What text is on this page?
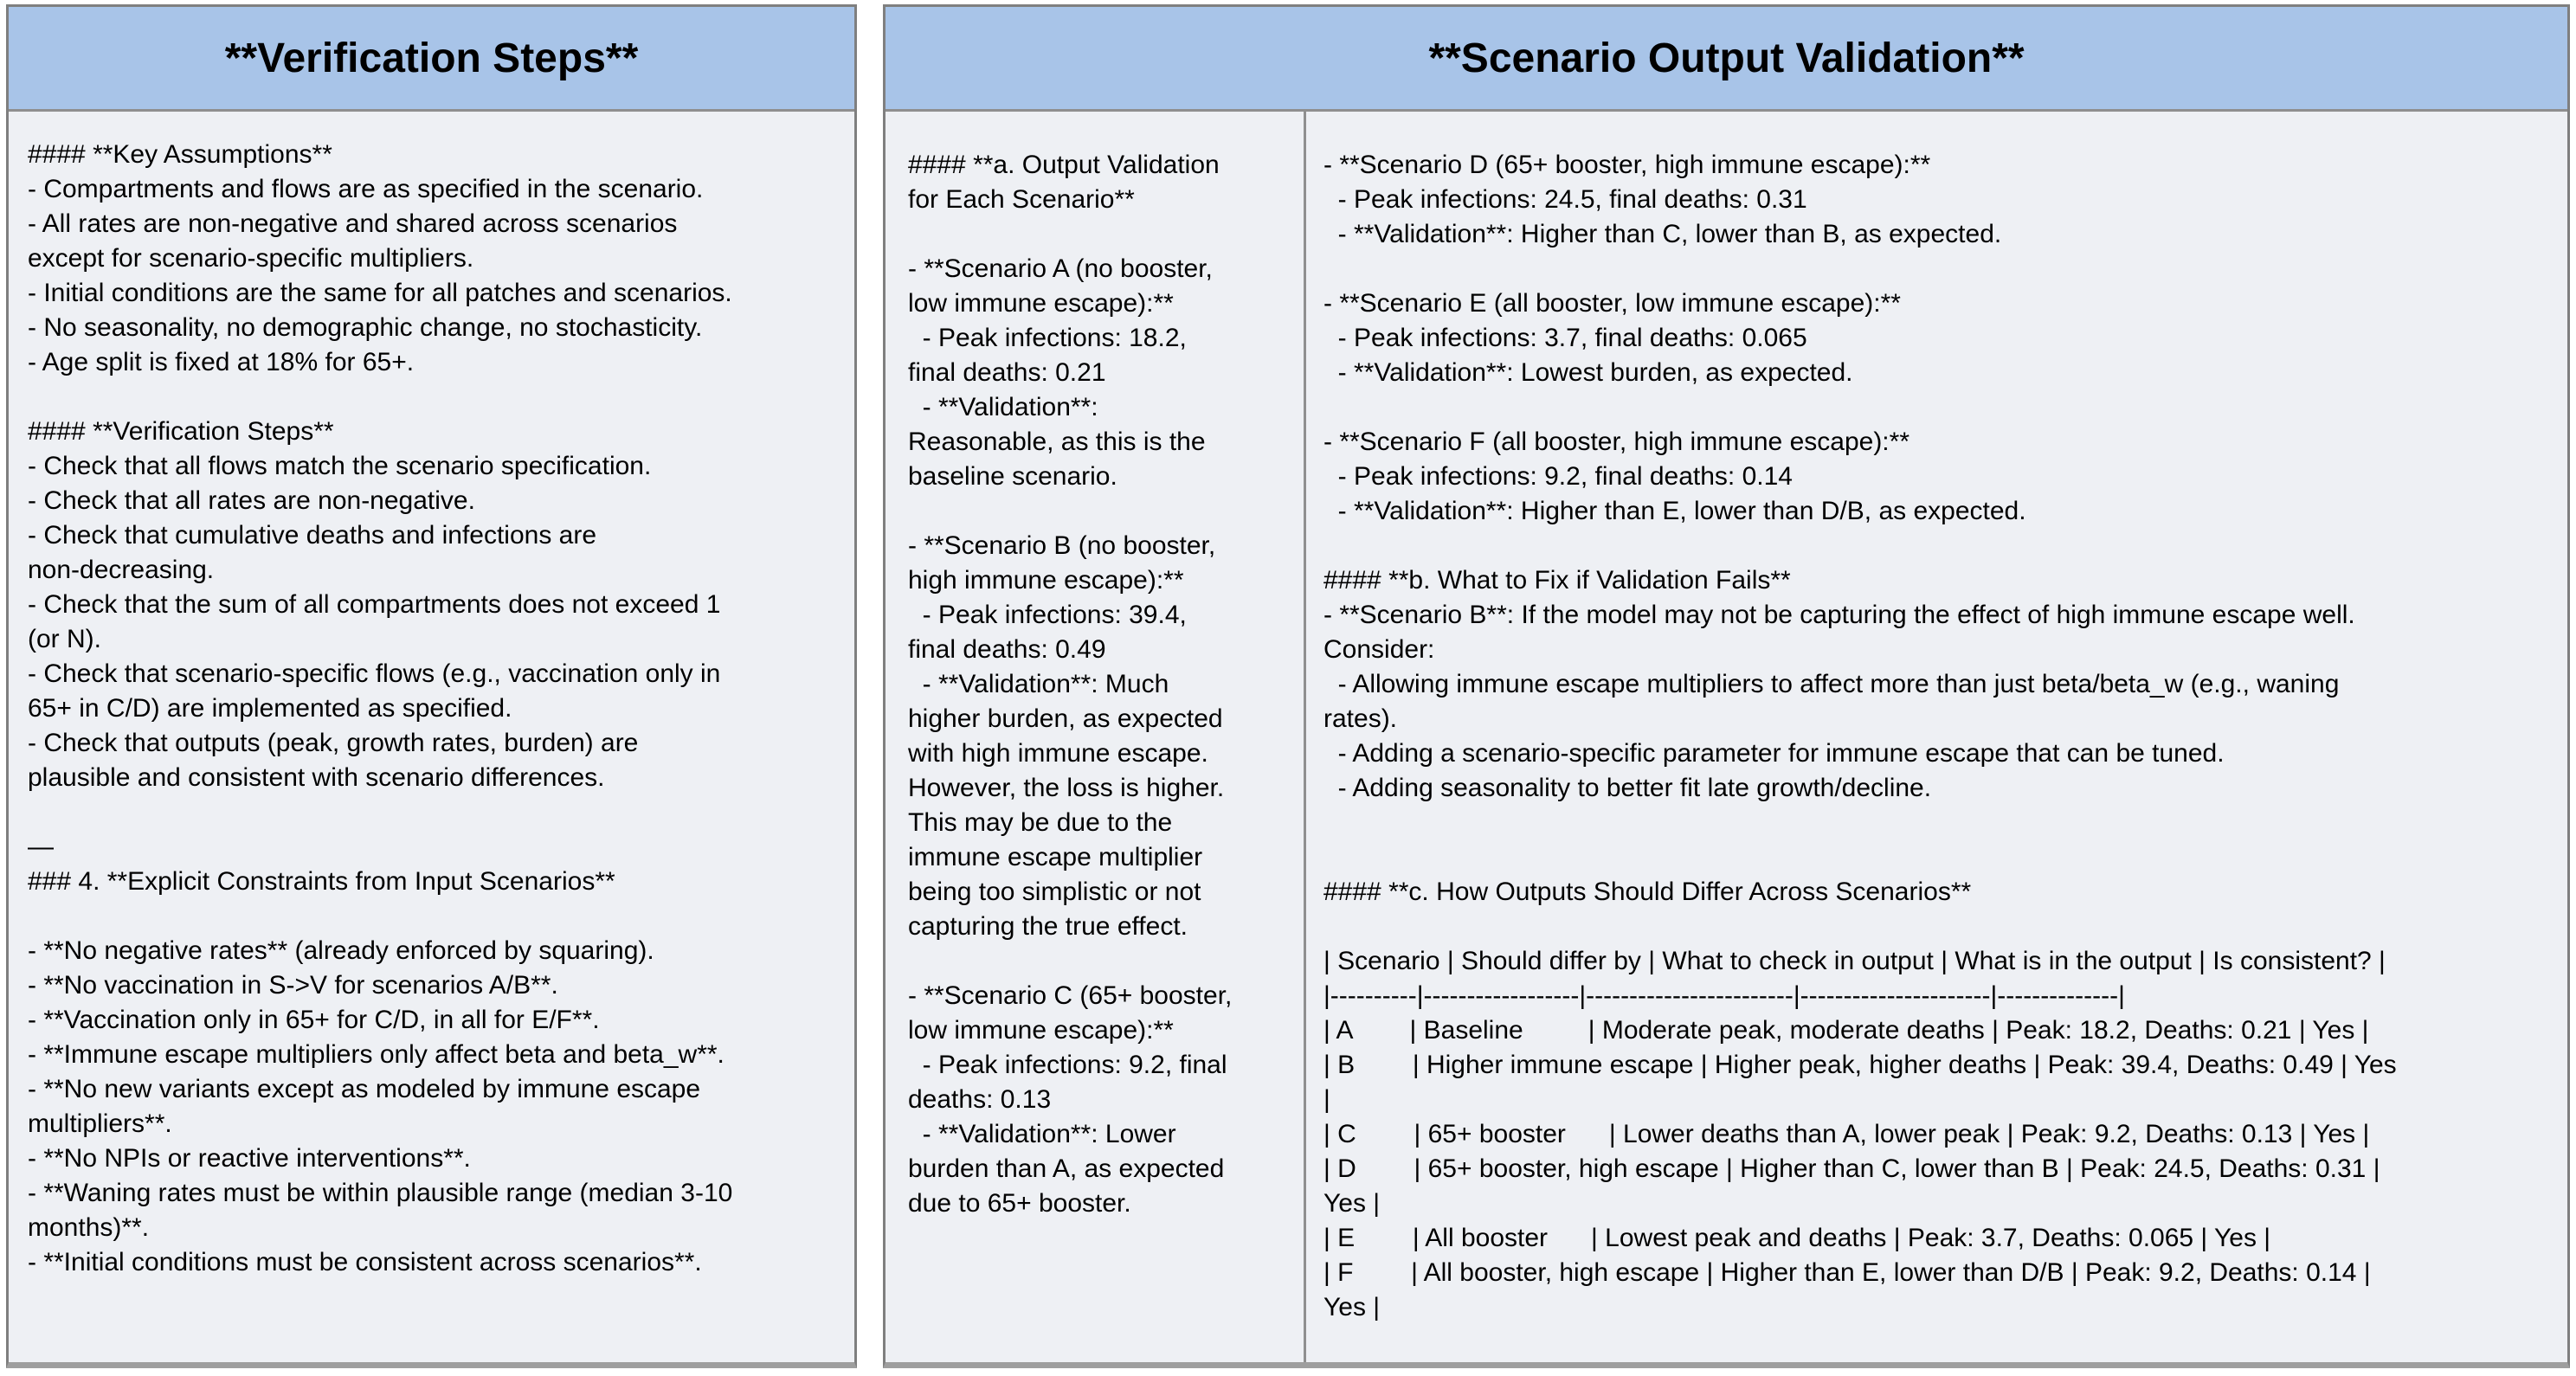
**Verification Steps**
#### **Key Assumptions**
- Compartments and flows are as specified in the scenario.
- All rates are non-negative and shared across scenarios
except for scenario-specific multipliers.
- Initial conditions are the same for all patches and scenarios.
- No seasonality, no demographic change, no stochasticity.
- Age split is fixed at 18% for 65+.

#### **Verification Steps**
- Check that all flows match the scenario specification.
- Check that all rates are non-negative.
- Check that cumulative deaths and infections are
non-decreasing.
- Check that the sum of all compartments does not exceed 1
(or N).
- Check that scenario-specific flows (e.g., vaccination only in
65+ in C/D) are implemented as specified.
- Check that outputs (peak, growth rates, burden) are
plausible and consistent with scenario differences.

—
### 4. **Explicit Constraints from Input Scenarios**

- **No negative rates** (already enforced by squaring).
- **No vaccination in S->V for scenarios A/B**.
- **Vaccination only in 65+ for C/D, in all for E/F**.
- **Immune escape multipliers only affect beta and beta_w**.
- **No new variants except as modeled by immune escape
multipliers**.
- **No NPIs or reactive interventions**.
- **Waning rates must be within plausible range (median 3-10
months)**.
- **Initial conditions must be consistent across scenarios**.
**Scenario Output Validation**
#### **a. Output Validation
for Each Scenario**

- **Scenario A (no booster,
low immune escape):**
- Peak infections: 18.2,
final deaths: 0.21
- **Validation**:
Reasonable, as this is the
baseline scenario.

- **Scenario B (no booster,
high immune escape):**
- Peak infections: 39.4,
final deaths: 0.49
- **Validation**: Much
higher burden, as expected
with high immune escape.
However, the loss is higher.
This may be due to the
immune escape multiplier
being too simplistic or not
capturing the true effect.

- **Scenario C (65+ booster,
low immune escape):**
- Peak infections: 9.2, final
deaths: 0.13
- **Validation**: Lower
burden than A, as expected
due to 65+ booster.
- **Scenario D (65+ booster, high immune escape):**
- Peak infections: 24.5, final deaths: 0.31
- **Validation**: Higher than C, lower than B, as expected.

- **Scenario E (all booster, low immune escape):**
- Peak infections: 3.7, final deaths: 0.065
- **Validation**: Lowest burden, as expected.

- **Scenario F (all booster, high immune escape):**
- Peak infections: 9.2, final deaths: 0.14
- **Validation**: Higher than E, lower than D/B, as expected.

#### **b. What to Fix if Validation Fails**
- **Scenario B**: If the model may not be capturing the effect of high immune escape well.
Consider:
- Allowing immune escape multipliers to affect more than just beta/beta_w (e.g., waning
rates).
- Adding a scenario-specific parameter for immune escape that can be tuned.
- Adding seasonality to better fit late growth/decline.

#### **c. How Outputs Should Differ Across Scenarios**

| Scenario | Should differ by | What to check in output | What is in the output | Is consistent? |
|----------|------------------|------------------------|----------------------|--------------|
| A        | Baseline         | Moderate peak, moderate deaths | Peak: 18.2, Deaths: 0.21 | Yes |
| B        | Higher immune escape | Higher peak, higher deaths | Peak: 39.4, Deaths: 0.49 | Yes
|
| C        | 65+ booster      | Lower deaths than A, lower peak | Peak: 9.2, Deaths: 0.13 | Yes |
| D        | 65+ booster, high escape | Higher than C, lower than B | Peak: 24.5, Deaths: 0.31 |
Yes |
| E        | All booster      | Lowest peak and deaths | Peak: 3.7, Deaths: 0.065 | Yes |
| F        | All booster, high escape | Higher than E, lower than D/B | Peak: 9.2, Deaths: 0.14 |
Yes |
